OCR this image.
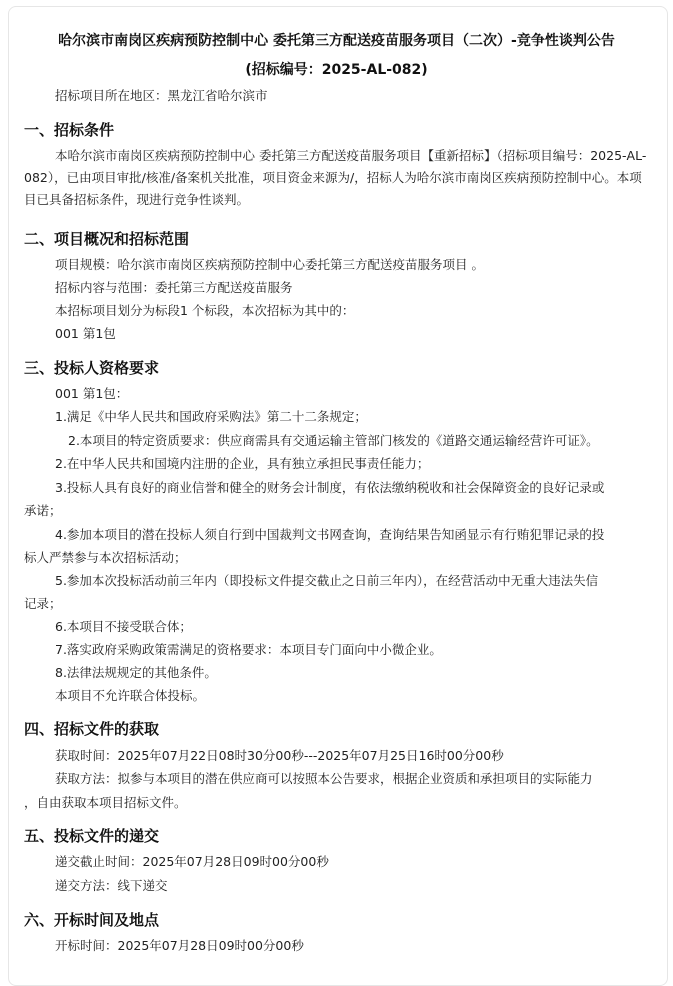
哈尔滨市南岗区疾病预防控制中心 委托第三方配送疫苗服务项目（二次）-竞争性谈判公告
(招标编号：2025-AL-082)
招标项目所在地区：黑龙江省哈尔滨市
一、招标条件
本哈尔滨市南岗区疾病预防控制中心 委托第三方配送疫苗服务项目【重新招标】（招标项目编号：2025-AL-082），已由项目审批/核准/备案机关批准，项目资金来源为/，招标人为哈尔滨市南岗区疾病预防控制中心。本项目已具备招标条件，现进行竞争性谈判。
二、项目概况和招标范围
项目规模：哈尔滨市南岗区疾病预防控制中心委托第三方配送疫苗服务项目 。
招标内容与范围：委托第三方配送疫苗服务
本招标项目划分为标段1 个标段，本次招标为其中的：
001 第1包
三、投标人资格要求
001 第1包：
1.满足《中华人民共和国政府采购法》第二十二条规定；
2.本项目的特定资质要求：供应商需具有交通运输主管部门核发的《道路交通运输经营许可证》。
2.在中华人民共和国境内注册的企业，具有独立承担民事责任能力；
3.投标人具有良好的商业信誉和健全的财务会计制度，有依法缴纳税收和社会保障资金的良好记录或
承诺；
4.参加本项目的潜在投标人须自行到中国裁判文书网查询，查询结果告知函显示有行贿犯罪记录的投
标人严禁参与本次招标活动；
5.参加本次投标活动前三年内（即投标文件提交截止之日前三年内），在经营活动中无重大违法失信
记录；
6.本项目不接受联合体；
7.落实政府采购政策需满足的资格要求：本项目专门面向中小微企业。
8.法律法规规定的其他条件。
本项目不允许联合体投标。
四、招标文件的获取
获取时间：2025年07月22日08时30分00秒---2025年07月25日16时00分00秒
获取方法：拟参与本项目的潜在供应商可以按照本公告要求，根据企业资质和承担项目的实际能力
，自由获取本项目招标文件。
五、投标文件的递交
递交截止时间：2025年07月28日09时00分00秒
递交方法：线下递交
六、开标时间及地点
开标时间：2025年07月28日09时00分00秒
